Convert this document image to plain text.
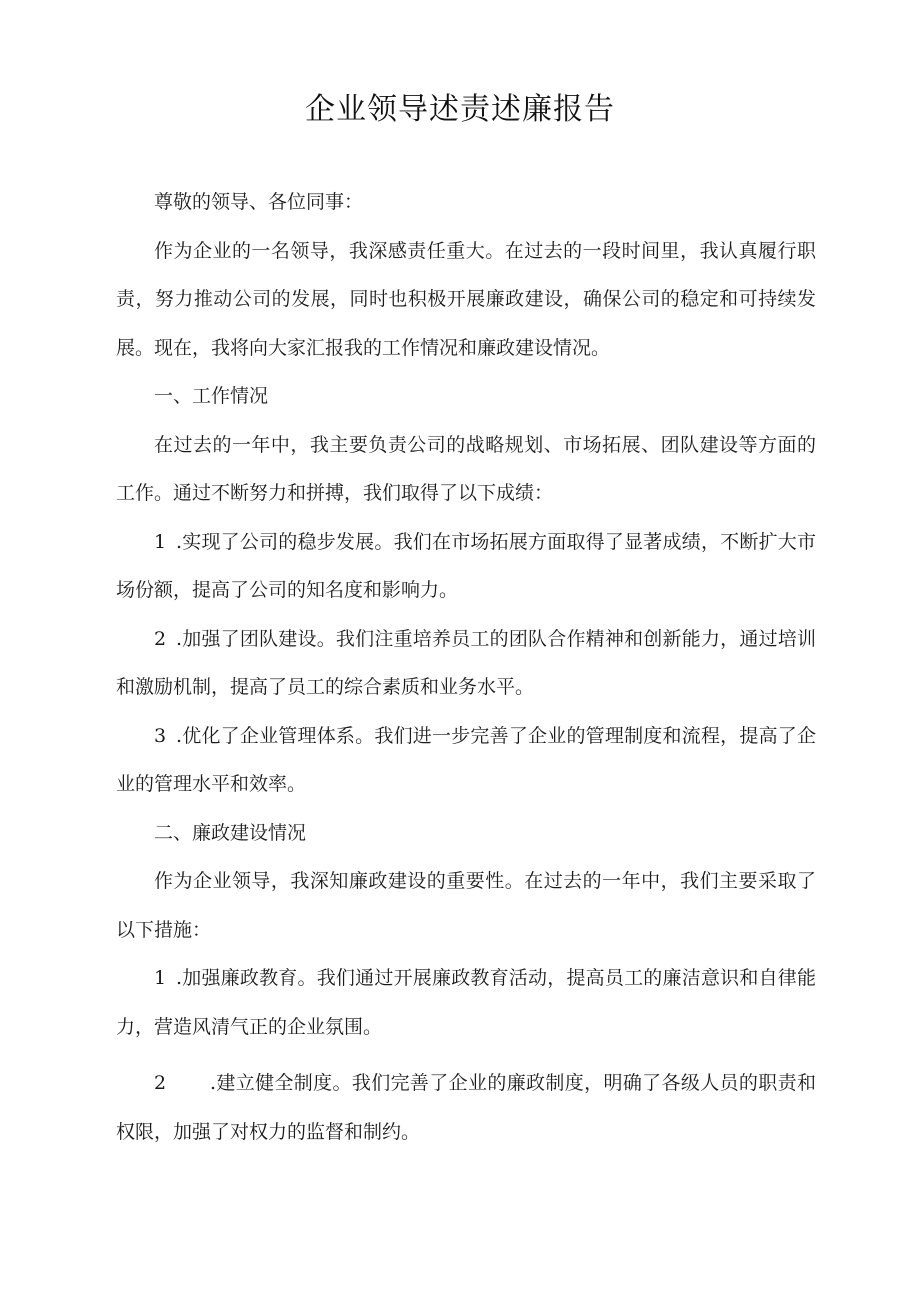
企业领导述责述廉报告

尊敬的领导、各位同事：

作为企业的一名领导，我深感责任重大。在过去的一段时间里，我认真履行职责，努力推动公司的发展，同时也积极开展廉政建设，确保公司的稳定和可持续发展。现在，我将向大家汇报我的工作情况和廉政建设情况。

一、工作情况

在过去的一年中，我主要负责公司的战略规划、市场拓展、团队建设等方面的工作。通过不断努力和拼搏，我们取得了以下成绩：

1 .实现了公司的稳步发展。我们在市场拓展方面取得了显著成绩，不断扩大市场份额，提高了公司的知名度和影响力。

2 .加强了团队建设。我们注重培养员工的团队合作精神和创新能力，通过培训和激励机制，提高了员工的综合素质和业务水平。

3 .优化了企业管理体系。我们进一步完善了企业的管理制度和流程，提高了企业的管理水平和效率。

二、廉政建设情况

作为企业领导，我深知廉政建设的重要性。在过去的一年中，我们主要采取了以下措施：

1 .加强廉政教育。我们通过开展廉政教育活动，提高员工的廉洁意识和自律能力，营造风清气正的企业氛围。

2 .建立健全制度。我们完善了企业的廉政制度，明确了各级人员的职责和权限，加强了对权力的监督和制约。
